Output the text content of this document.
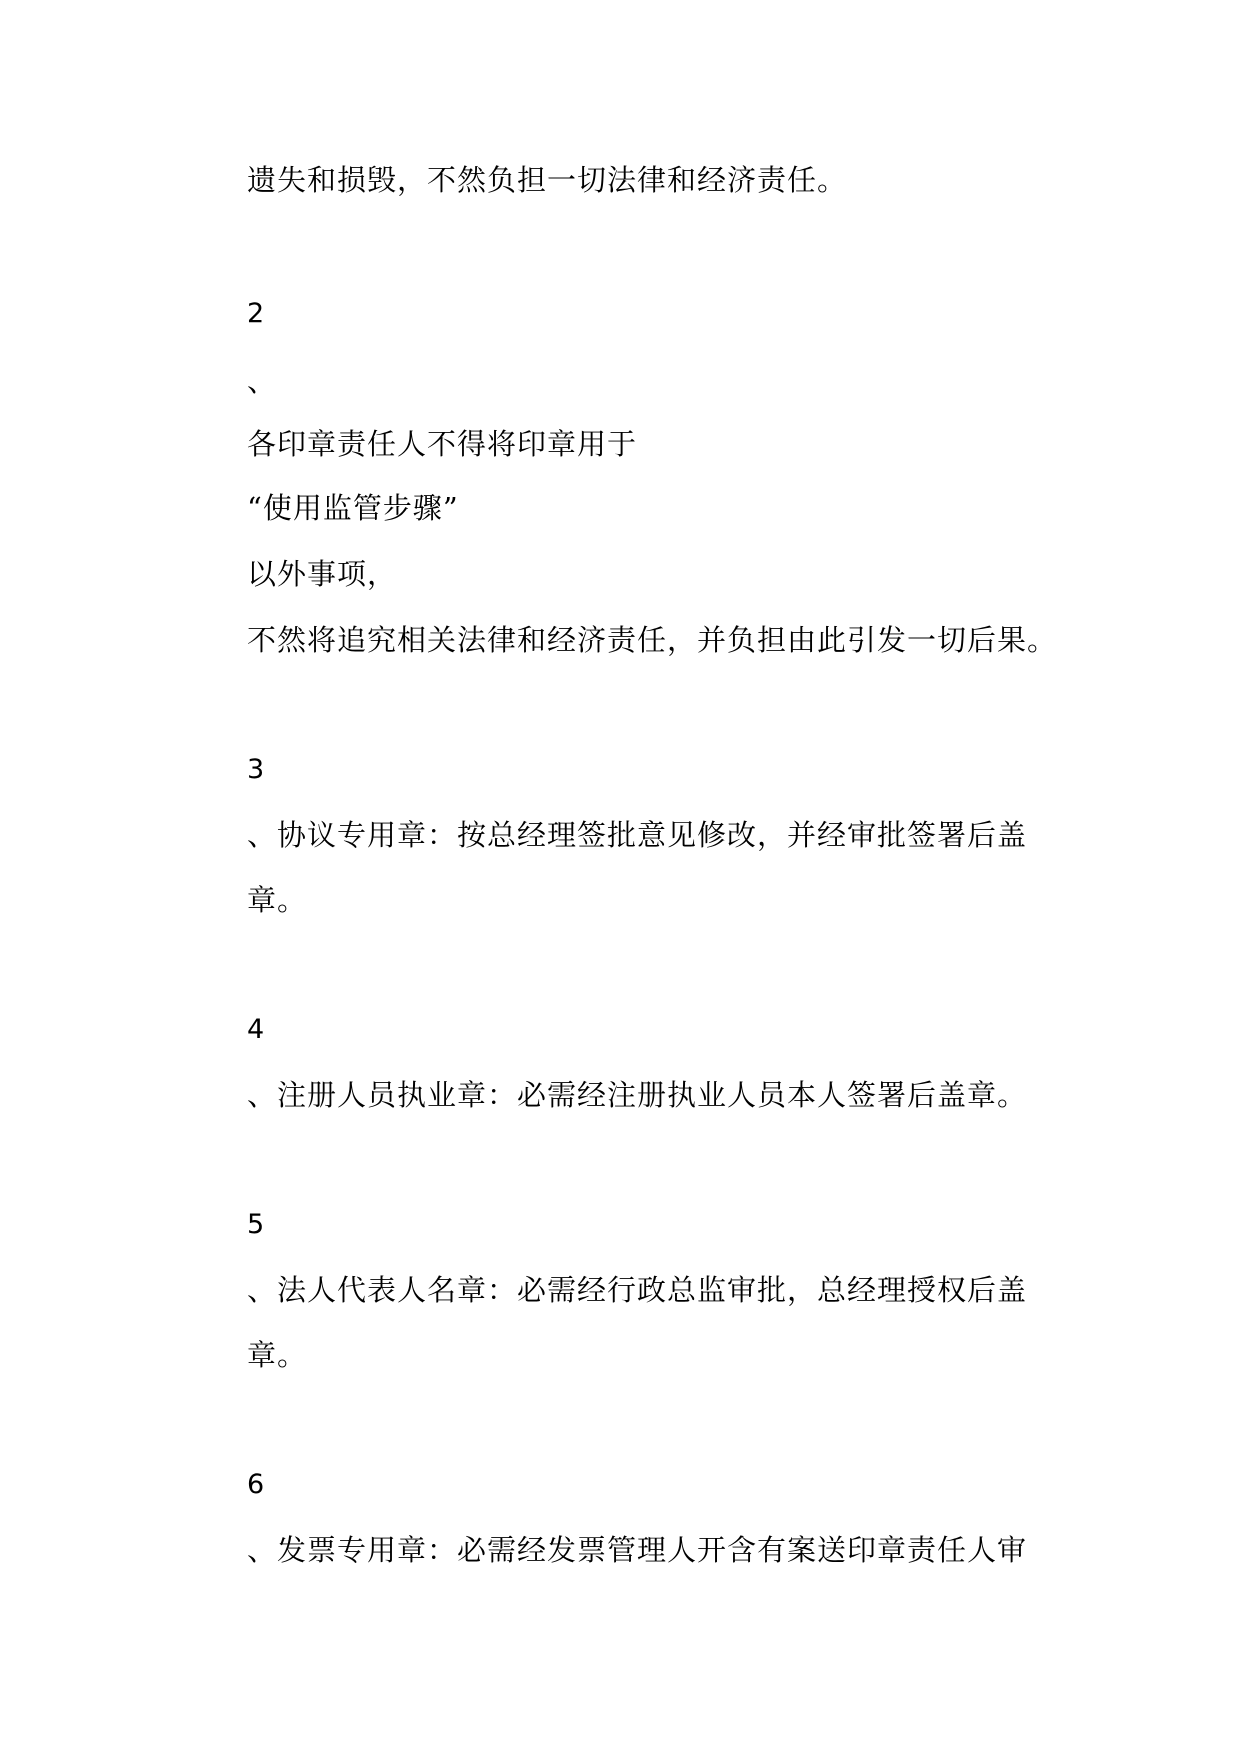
遗失和损毁，不然负担一切法律和经济责任。
2
、
各印章责任人不得将印章用于
“使用监管步骤”
以外事项，
不然将追究相关法律和经济责任，并负担由此引发一切后果。
3
、协议专用章：按总经理签批意见修改，并经审批签署后盖
章。
4
、注册人员执业章：必需经注册执业人员本人签署后盖章。
5
、法人代表人名章：必需经行政总监审批，总经理授权后盖
章。
6
、发票专用章：必需经发票管理人开含有案送印章责任人审
